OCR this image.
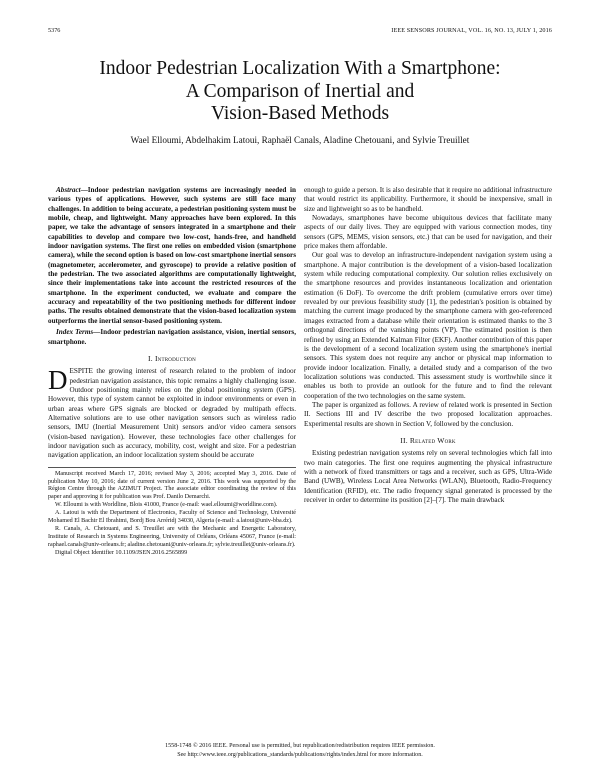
5376	IEEE SENSORS JOURNAL, VOL. 16, NO. 13, JULY 1, 2016
Indoor Pedestrian Localization With a Smartphone:
A Comparison of Inertial and
Vision-Based Methods
Wael Elloumi, Abdelhakim Latoui, Raphaël Canals, Aladine Chetouani, and Sylvie Treuillet

Abstract—Indoor pedestrian navigation systems are increasingly needed in various types of applications. However, such systems are still face many challenges. In addition to being accurate, a pedestrian positioning system must be mobile, cheap, and lightweight. Many approaches have been explored. In this paper, we take the advantage of sensors integrated in a smartphone and their capabilities to develop and compare two low-cost, hands-free, and handheld indoor navigation systems. The first one relies on embedded vision (smartphone camera), while the second option is based on low-cost smartphone inertial sensors (magnetometer, accelerometer, and gyroscope) to provide a relative position of the pedestrian. The two associated algorithms are computationally lightweight, since their implementations take into account the restricted resources of the smartphone. In the experiment conducted, we evaluate and compare the accuracy and repeatability of the two positioning methods for different indoor paths. The results obtained demonstrate that the vision-based localization system outperforms the inertial sensor-based positioning system.

Index Terms—Indoor pedestrian navigation assistance, vision, inertial sensors, smartphone.

I. Introduction

DESPITE the growing interest of research related to the problem of indoor pedestrian navigation assistance, this topic remains a highly challenging issue. Outdoor positioning mainly relies on the global positioning system (GPS). However, this type of system cannot be exploited in indoor environments or even in urban areas where GPS signals are blocked or degraded by multipath effects. Alternative solutions are to use other navigation sensors such as wireless radio sensors, IMU (Inertial Measurement Unit) sensors and/or video camera sensors (vision-based navigation). However, these technologies face other challenges for indoor navigation such as accuracy, mobility, cost, weight and size. For a pedestrian navigation application, an indoor localization system should be accurate

Manuscript received March 17, 2016; revised May 3, 2016; accepted May 3, 2016. Date of publication May 10, 2016; date of current version June 2, 2016. This work was supported by the Région Centre through the AZIMUT Project. The associate editor coordinating the review of this paper and approving it for publication was Prof. Danilo Demarchi.

W. Elloumi is with Worldline, Blois 41000, France (e-mail: wael.elloumi@worldline.com).

A. Latoui is with the Department of Electronics, Faculty of Science and Technology, Université Mohamed El Bachir El Ibrahimi, Bordj Bou Arréridj 34030, Algeria (e-mail: a.latoui@univ-bba.dz).

R. Canals, A. Chetouani, and S. Treuillet are with the Mechanic and Energetic Laboratory, Institute of Research in Systems Engineering, University of Orléans, Orléans 45067, France (e-mail: raphael.canals@univ-orleans.fr; aladine.chetouani@univ-orleans.fr; sylvie.treuillet@univ-orleans.fr).

Digital Object Identifier 10.1109/JSEN.2016.2565899

enough to guide a person. It is also desirable that it require no additional infrastructure that would restrict its applicability. Furthermore, it should be inexpensive, small in size and lightweight so as to be handheld.

Nowadays, smartphones have become ubiquitous devices that facilitate many aspects of our daily lives. They are equipped with various connection modes, tiny sensors (GPS, MEMS, vision sensors, etc.) that can be used for navigation, and their price makes them affordable.

Our goal was to develop an infrastructure-independent navigation system using a smartphone. A major contribution is the development of a vision-based localization system while reducing computational complexity. Our solution relies exclusively on the smartphone resources and provides instantaneous localization and orientation estimation (6 DoF). To overcome the drift problem (cumulative errors over time) revealed by our previous feasibility study [1], the pedestrian's position is obtained by matching the current image produced by the smartphone camera with geo-referenced images extracted from a database while their orientation is estimated thanks to the 3 orthogonal directions of the vanishing points (VP). The estimated position is then refined by using an Extended Kalman Filter (EKF). Another contribution of this paper is the development of a second localization system using the smartphone's inertial sensors. This system does not require any anchor or physical map information to provide indoor localization. Finally, a detailed study and a comparison of the two localization solutions was conducted. This assessment study is worthwhile since it enables us both to provide an outlook for the future and to find the relevant cooperation of the two technologies on the same system.

The paper is organized as follows. A review of related work is presented in Section II. Sections III and IV describe the two proposed localization approaches. Experimental results are shown in Section V, followed by the conclusion.

II. Related Work

Existing pedestrian navigation systems rely on several technologies which fall into two main categories. The first one requires augmenting the physical infrastructure with a network of fixed transmitters or tags and a receiver, such as GPS, Ultra-Wide Band (UWB), Wireless Local Area Networks (WLAN), Bluetooth, Radio-Frequency Identification (RFID), etc. The radio frequency signal generated is processed by the receiver in order to determine its position [2]–[7]. The main drawback

1558-1748 © 2016 IEEE. Personal use is permitted, but republication/redistribution requires IEEE permission.
See http://www.ieee.org/publications_standards/publications/rights/index.html for more information.
